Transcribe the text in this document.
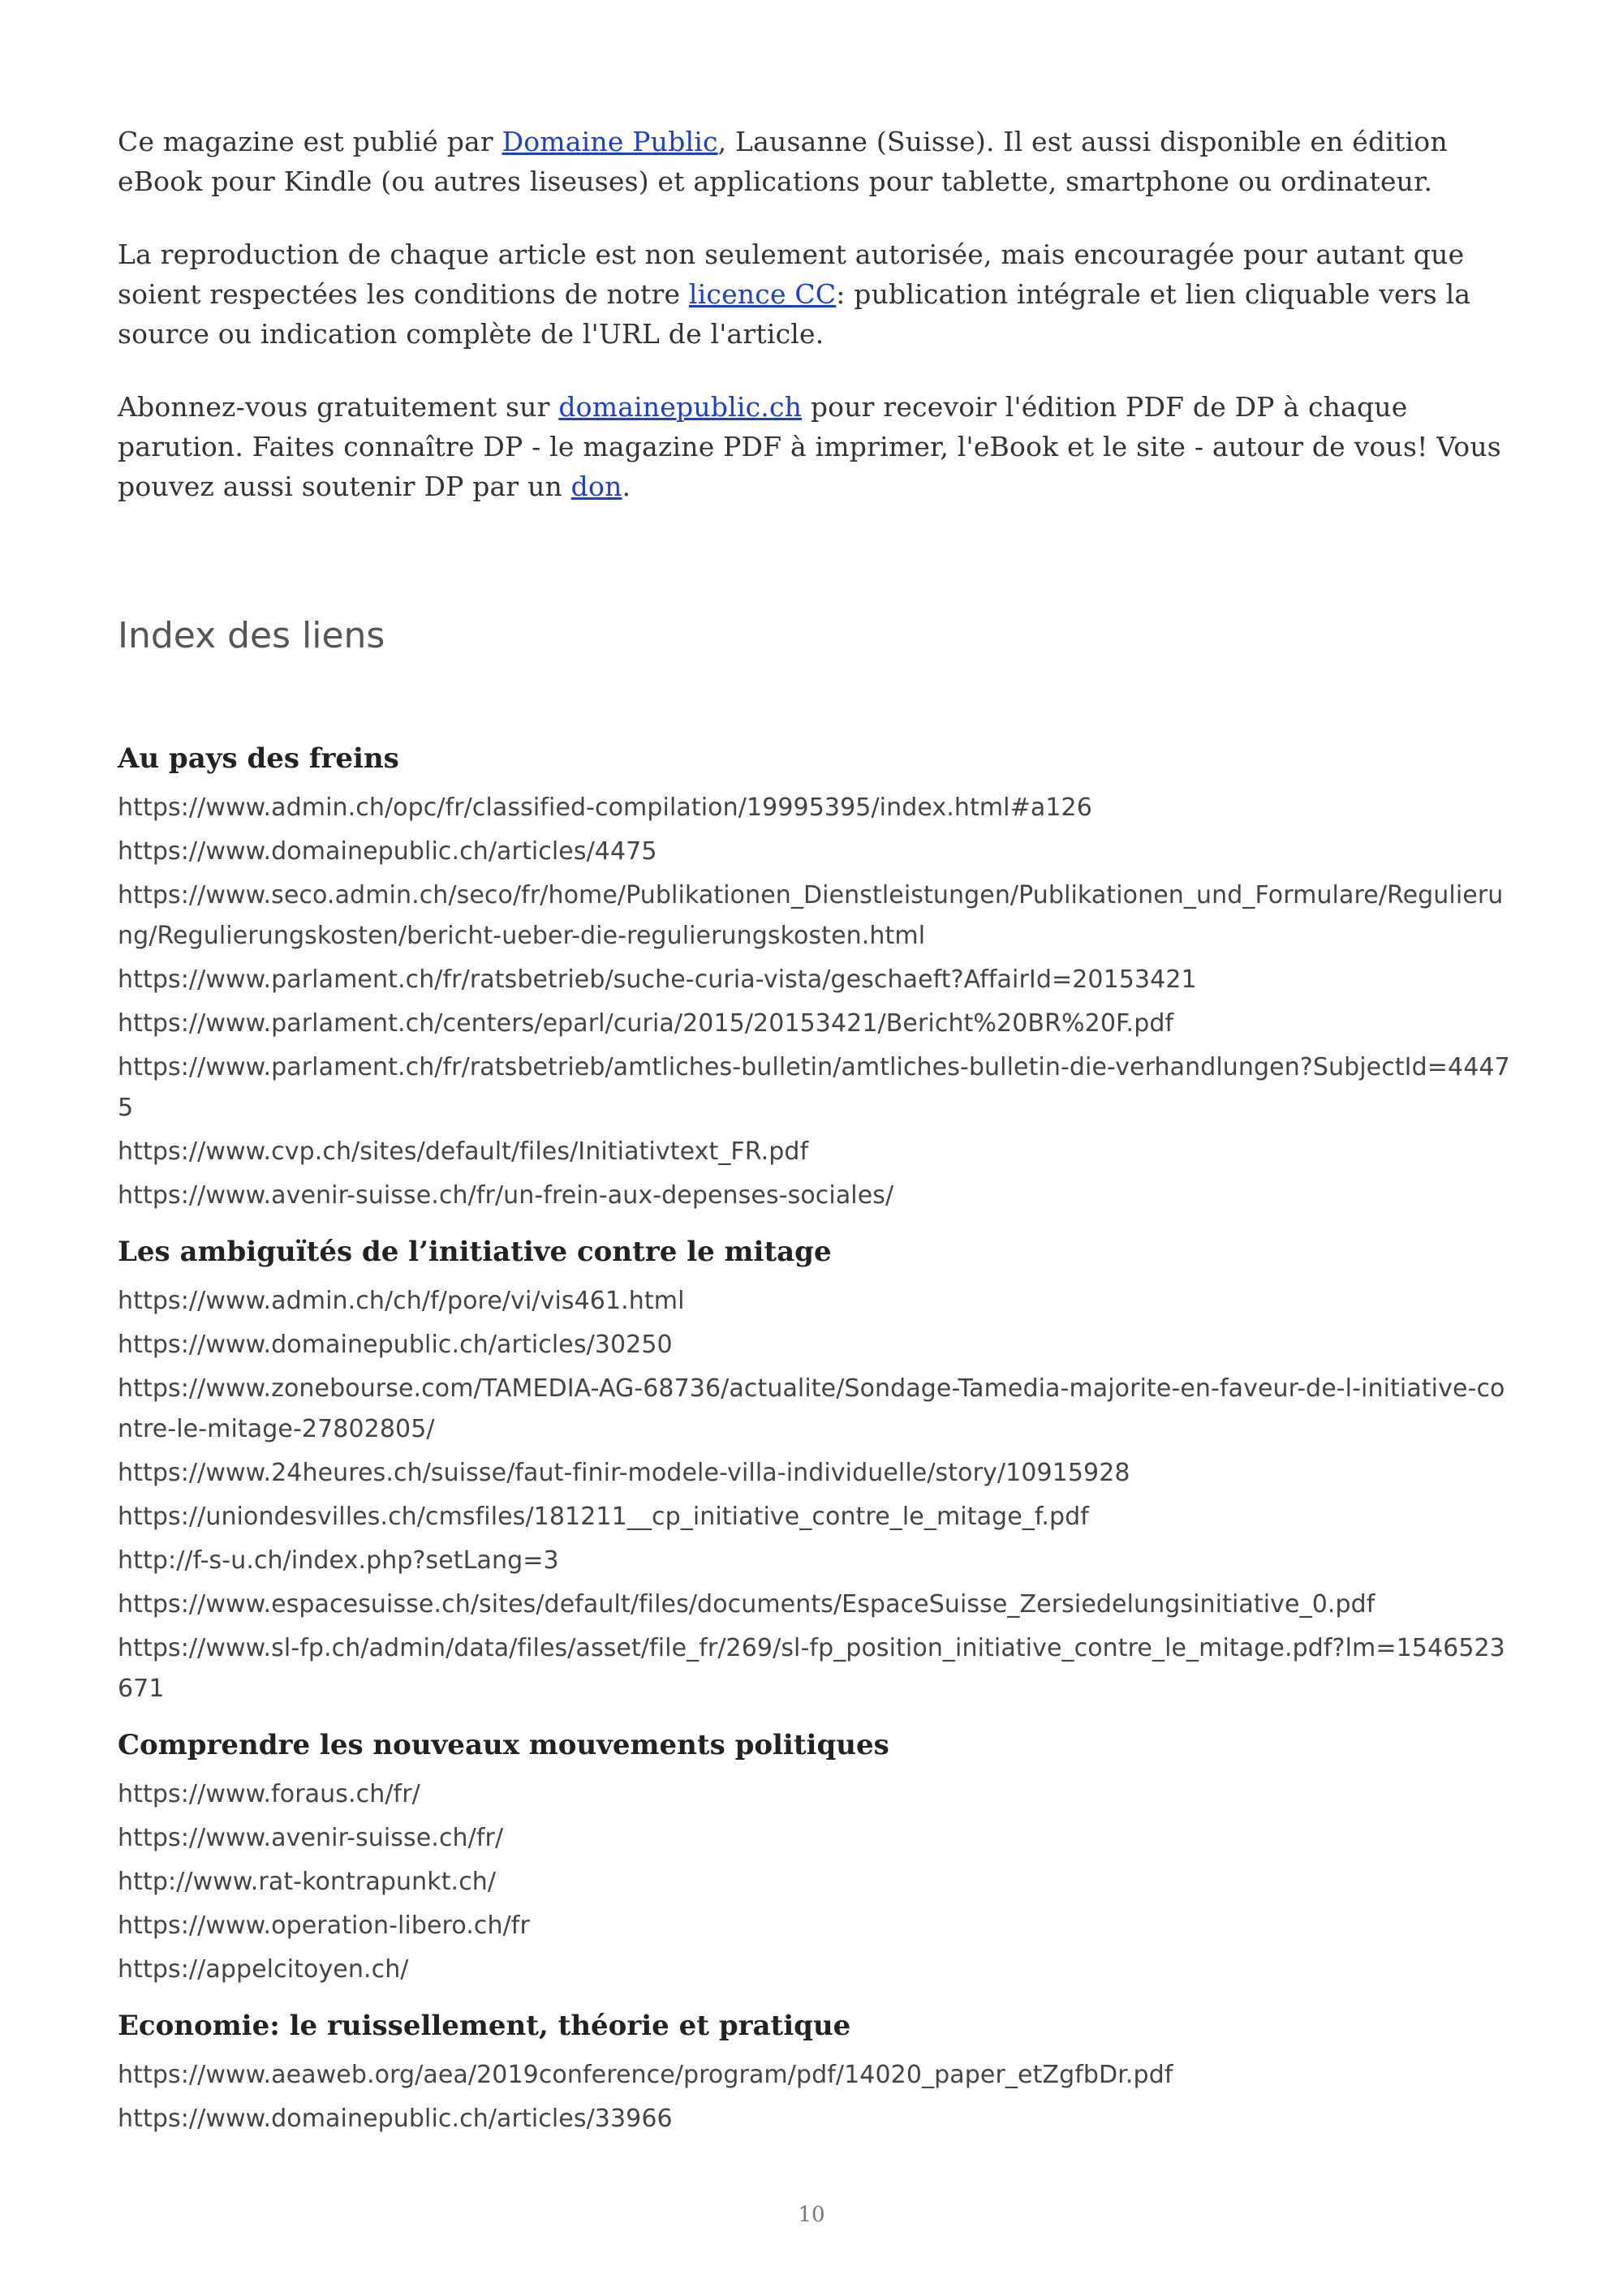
Ce magazine est publié par Domaine Public, Lausanne (Suisse). Il est aussi disponible en édition eBook pour Kindle (ou autres liseuses) et applications pour tablette, smartphone ou ordinateur.

La reproduction de chaque article est non seulement autorisée, mais encouragée pour autant que soient respectées les conditions de notre licence CC: publication intégrale et lien cliquable vers la source ou indication complète de l'URL de l'article.

Abonnez-vous gratuitement sur domainepublic.ch pour recevoir l'édition PDF de DP à chaque parution. Faites connaître DP - le magazine PDF à imprimer, l'eBook et le site - autour de vous! Vous pouvez aussi soutenir DP par un don.

Index des liens
Au pays des freins
https://www.admin.ch/opc/fr/classified-compilation/19995395/index.html#a126
https://www.domainepublic.ch/articles/4475
https://www.seco.admin.ch/seco/fr/home/Publikationen_Dienstleistungen/Publikationen_und_Formulare/Regulierung/Regulierungskosten/bericht-ueber-die-regulierungskosten.html
https://www.parlament.ch/fr/ratsbetrieb/suche-curia-vista/geschaeft?AffairId=20153421
https://www.parlament.ch/centers/eparl/curia/2015/20153421/Bericht%20BR%20F.pdf
https://www.parlament.ch/fr/ratsbetrieb/amtliches-bulletin/amtliches-bulletin-die-verhandlungen?SubjectId=44475
https://www.cvp.ch/sites/default/files/Initiativtext_FR.pdf
https://www.avenir-suisse.ch/fr/un-frein-aux-depenses-sociales/
Les ambiguïtés de l’initiative contre le mitage
https://www.admin.ch/ch/f/pore/vi/vis461.html
https://www.domainepublic.ch/articles/30250
https://www.zonebourse.com/TAMEDIA-AG-68736/actualite/Sondage-Tamedia-majorite-en-faveur-de-l-initiative-contre-le-mitage-27802805/
https://www.24heures.ch/suisse/faut-finir-modele-villa-individuelle/story/10915928
https://uniondesvilles.ch/cmsfiles/181211__cp_initiative_contre_le_mitage_f.pdf
http://f-s-u.ch/index.php?setLang=3
https://www.espacesuisse.ch/sites/default/files/documents/EspaceSuisse_Zersiedelungsinitiative_0.pdf
https://www.sl-fp.ch/admin/data/files/asset/file_fr/269/sl-fp_position_initiative_contre_le_mitage.pdf?lm=1546523671
Comprendre les nouveaux mouvements politiques
https://www.foraus.ch/fr/
https://www.avenir-suisse.ch/fr/
http://www.rat-kontrapunkt.ch/
https://www.operation-libero.ch/fr
https://appelcitoyen.ch/
Economie: le ruissellement, théorie et pratique
https://www.aeaweb.org/aea/2019conference/program/pdf/14020_paper_etZgfbDr.pdf
https://www.domainepublic.ch/articles/33966
10
